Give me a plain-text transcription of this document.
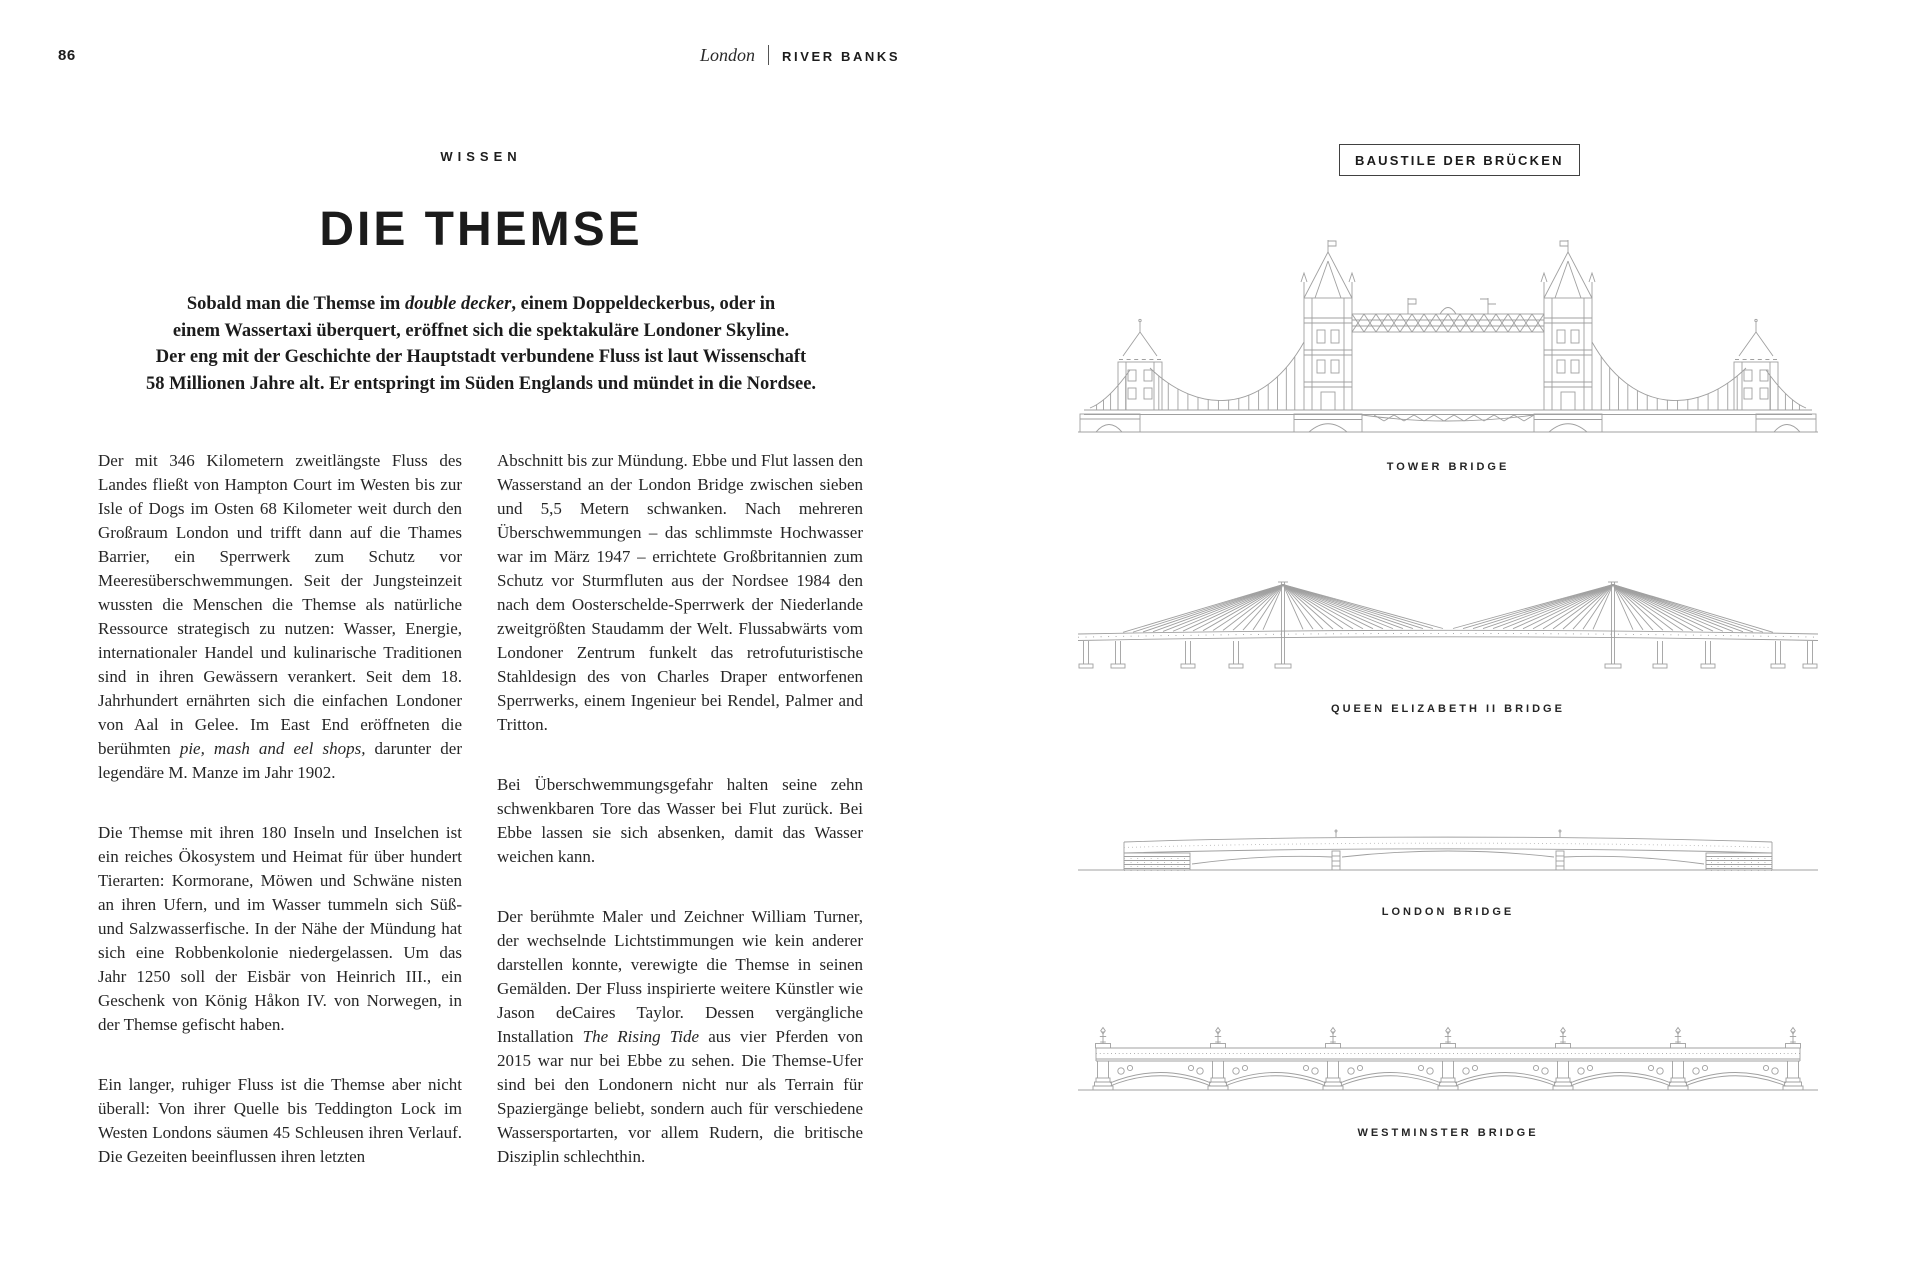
86	London RIVER BANKS
WISSEN
DIE THEMSE
Sobald man die Themse im double decker, einem Doppeldeckerbus, oder in
einem Wassertaxi überquert, eröffnet sich die spektakuläre Londoner Skyline.
Der eng mit der Geschichte der Hauptstadt verbundene Fluss ist laut Wissenschaft
58 Millionen Jahre alt. Er entspringt im Süden Englands und mündet in die Nordsee.

Der mit 346 Kilometern zweitlängste Fluss des Landes fließt von Hampton Court im Westen bis zur Isle of Dogs im Osten 68 Kilometer weit durch den Großraum London und trifft dann auf die Thames Barrier, ein Sperrwerk zum Schutz vor Meeresüberschwemmungen. Seit der Jungsteinzeit wussten die Menschen die Themse als natürliche Ressource strategisch zu nutzen: Wasser, Energie, internationaler Handel und kulinarische Traditionen sind in ihren Gewässern verankert. Seit dem 18. Jahrhundert ernährten sich die einfachen Londoner von Aal in Gelee. Im East End eröffneten die berühmten pie, mash and eel shops, darunter der legendäre M. Manze im Jahr 1902.

Die Themse mit ihren 180 Inseln und Inselchen ist ein reiches Ökosystem und Heimat für über hundert Tierarten: Kormorane, Möwen und Schwäne nisten an ihren Ufern, und im Wasser tummeln sich Süß- und Salzwasserfische. In der Nähe der Mündung hat sich eine Robbenkolonie niedergelassen. Um das Jahr 1250 soll der Eisbär von Heinrich III., ein Geschenk von König Håkon IV. von Norwegen, in der Themse gefischt haben.

Ein langer, ruhiger Fluss ist die Themse aber nicht überall: Von ihrer Quelle bis Teddington Lock im Westen Londons säumen 45 Schleusen ihren Verlauf. Die Gezeiten beeinflussen ihren letzten

Abschnitt bis zur Mündung. Ebbe und Flut lassen den Wasserstand an der London Bridge zwischen sieben und 5,5 Metern schwanken. Nach mehreren Überschwemmungen – das schlimmste Hochwasser war im März 1947 – errichtete Großbritannien zum Schutz vor Sturmfluten aus der Nordsee 1984 den nach dem Oosterschelde-Sperrwerk der Niederlande zweitgrößten Staudamm der Welt. Flussabwärts vom Londoner Zentrum funkelt das retrofuturistische Stahldesign des von Charles Draper entworfenen Sperrwerks, einem Ingenieur bei Rendel, Palmer and Tritton.

Bei Überschwemmungsgefahr halten seine zehn schwenkbaren Tore das Wasser bei Flut zurück. Bei Ebbe lassen sie sich absenken, damit das Wasser weichen kann.

Der berühmte Maler und Zeichner William Turner, der wechselnde Lichtstimmungen wie kein anderer darstellen konnte, verewigte die Themse in seinen Gemälden. Der Fluss inspirierte weitere Künstler wie Jason deCaires Taylor. Dessen vergängliche Installation The Rising Tide aus vier Pferden von 2015 war nur bei Ebbe zu sehen. Die Themse-Ufer sind bei den Londonern nicht nur als Terrain für Spaziergänge beliebt, sondern auch für verschiedene Wassersportarten, vor allem Rudern, die britische Disziplin schlechthin.

BAUSTILE DER BRÜCKEN
TOWER BRIDGE
QUEEN ELIZABETH II BRIDGE
LONDON BRIDGE
WESTMINSTER BRIDGE
